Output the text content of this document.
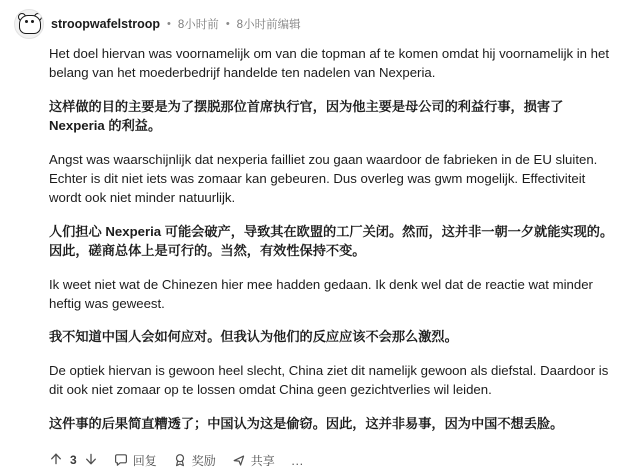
stroopwafelstroop • 8小时前 • 8小时前编辑

Het doel hiervan was voornamelijk om van die topman af te komen omdat hij voornamelijk in het belang van het moederbedrijf handelde ten nadelen van Nexperia.

这样做的目的主要是为了摆脱那位首席执行官，因为他主要是母公司的利益行事，损害了 Nexperia 的利益。

Angst was waarschijnlijk dat nexperia failliet zou gaan waardoor de fabrieken in de EU sluiten. Echter is dit niet iets was zomaar kan gebeuren. Dus overleg was gwm mogelijk. Effectiviteit wordt ook niet minder natuurlijk.

人们担心 Nexperia 可能会破产，导致其在欧盟的工厂关闭。然而，这并非一朝一夕就能实现的。因此，磋商总体上是可行的。当然，有效性保持不变。

Ik weet niet wat de Chinezen hier mee hadden gedaan. Ik denk wel dat de reactie wat minder heftig was geweest.

我不知道中国人会如何应对。但我认为他们的反应应该不会那么激烈。

De optiek hiervan is gewoon heel slecht, China ziet dit namelijk gewoon als diefstal. Daardoor is dit ook niet zomaar op te lossen omdat China geen gezichtverlies wil leiden.

这件事的后果简直糟透了；中国认为这是偷窃。因此，这并非易事，因为中国不想丢脸。

3	回复	奖励	共享 …
